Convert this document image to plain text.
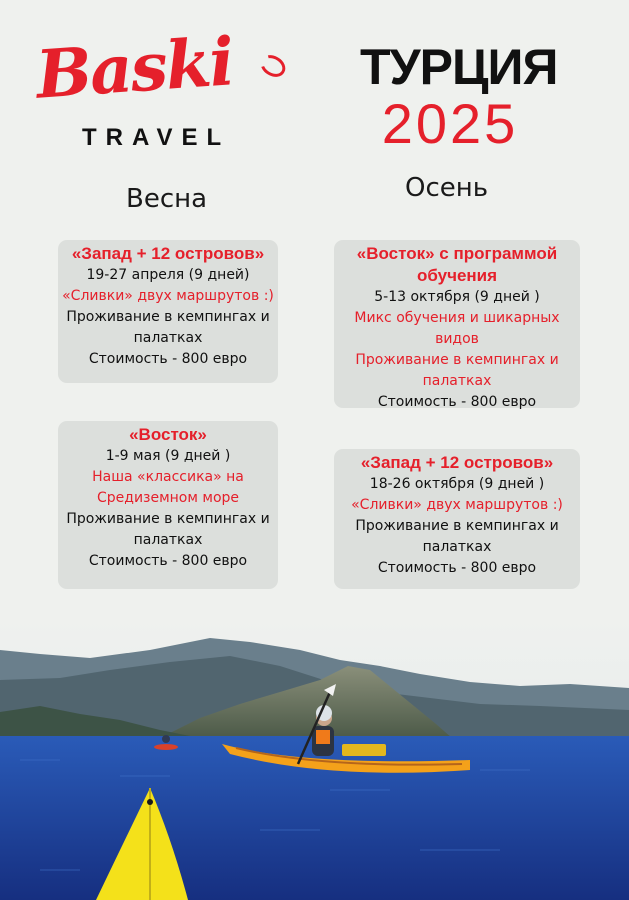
Baski
TRAVEL
ТУРЦИЯ
2025
Весна	Осень
«Запад + 12 островов»
19-27 апреля (9 дней)
«Сливки» двух маршрутов :)
Проживание в кемпингах и палатках
Стоимость - 800 евро
«Восток»
1-9 мая (9 дней )
Наша «классика» на Средиземном море
Проживание в кемпингах и палатках
Стоимость - 800 евро
«Восток» с программой обучения
5-13 октября (9 дней )
Микс обучения и шикарных видов
Проживание в кемпингах и палатках
Стоимость - 800 евро
«Запад + 12 островов»
18-26 октября (9 дней )
«Сливки» двух маршрутов :)
Проживание в кемпингах и палатках
Стоимость - 800 евро
